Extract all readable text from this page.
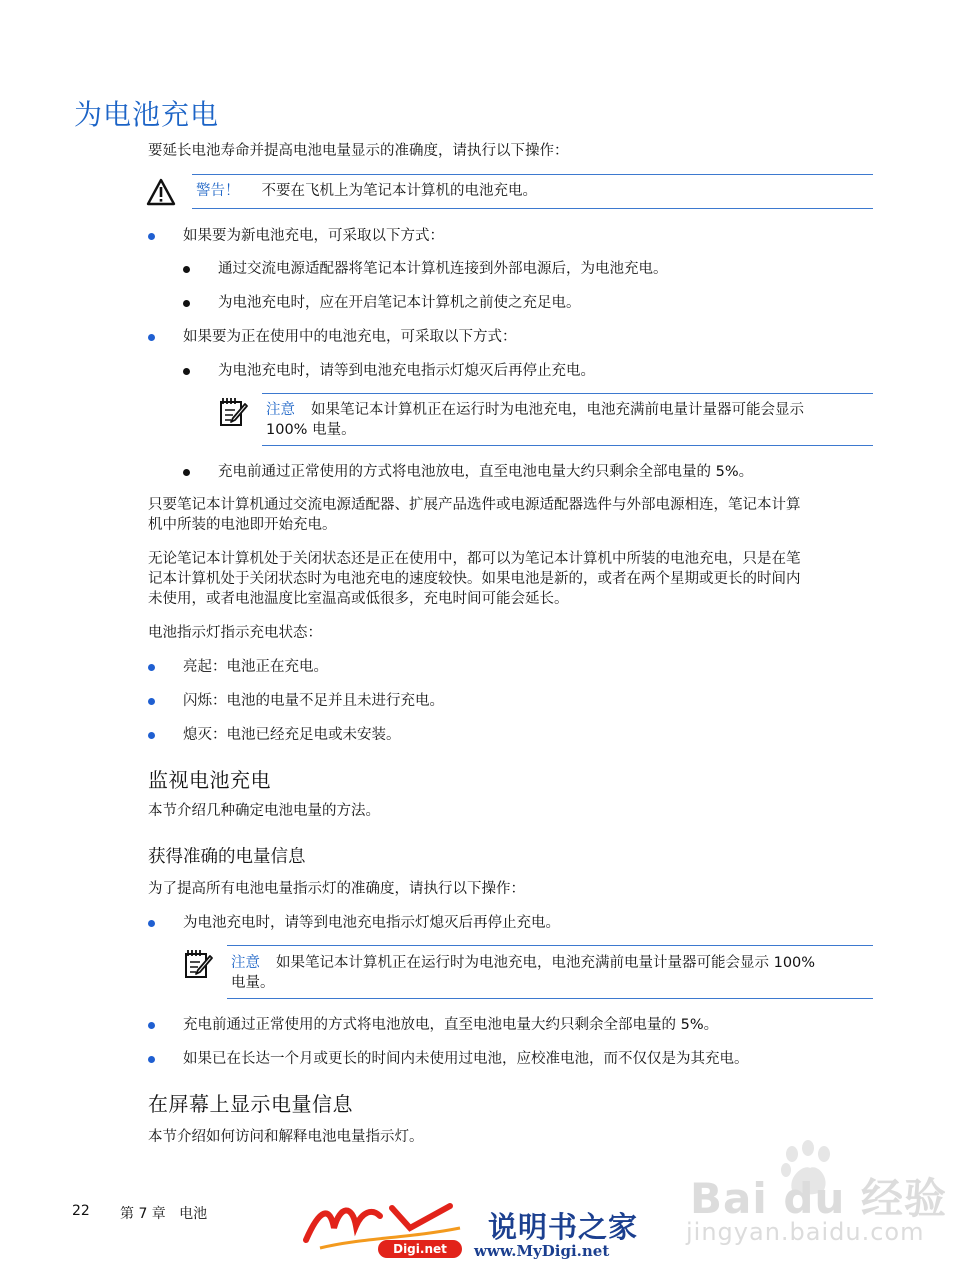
为电池充电
要延长电池寿命并提高电池电量显示的准确度，请执行以下操作：
警告！ 不要在飞机上为笔记本计算机的电池充电。
如果要为新电池充电，可采取以下方式：
通过交流电源适配器将笔记本计算机连接到外部电源后，为电池充电。
为电池充电时，应在开启笔记本计算机之前使之充足电。
如果要为正在使用中的电池充电，可采取以下方式：
为电池充电时，请等到电池充电指示灯熄灭后再停止充电。
注意 如果笔记本计算机正在运行时为电池充电，电池充满前电量计量器可能会显示
100% 电量。
充电前通过正常使用的方式将电池放电，直至电池电量大约只剩余全部电量的 5%。
只要笔记本计算机通过交流电源适配器、扩展产品选件或电源适配器选件与外部电源相连，笔记本计算
机中所装的电池即开始充电。
无论笔记本计算机处于关闭状态还是正在使用中，都可以为笔记本计算机中所装的电池充电，只是在笔
记本计算机处于关闭状态时为电池充电的速度较快。如果电池是新的，或者在两个星期或更长的时间内
未使用，或者电池温度比室温高或低很多，充电时间可能会延长。
电池指示灯指示充电状态：
亮起：电池正在充电。
闪烁：电池的电量不足并且未进行充电。
熄灭：电池已经充足电或未安装。
监视电池充电
本节介绍几种确定电池电量的方法。
获得准确的电量信息
为了提高所有电池电量指示灯的准确度，请执行以下操作：
为电池充电时，请等到电池充电指示灯熄灭后再停止充电。
注意 如果笔记本计算机正在运行时为电池充电，电池充满前电量计量器可能会显示 100%
电量。
充电前通过正常使用的方式将电池放电，直至电池电量大约只剩余全部电量的 5%。
如果已在长达一个月或更长的时间内未使用过电池，应校准电池，而不仅仅是为其充电。
在屏幕上显示电量信息
本节介绍如何访问和解释电池电量指示灯。
22 第 7 章   电池
Digi.net
说明书之家
www.MyDigi.net
Bai du 经验
jingyan.baidu.com
